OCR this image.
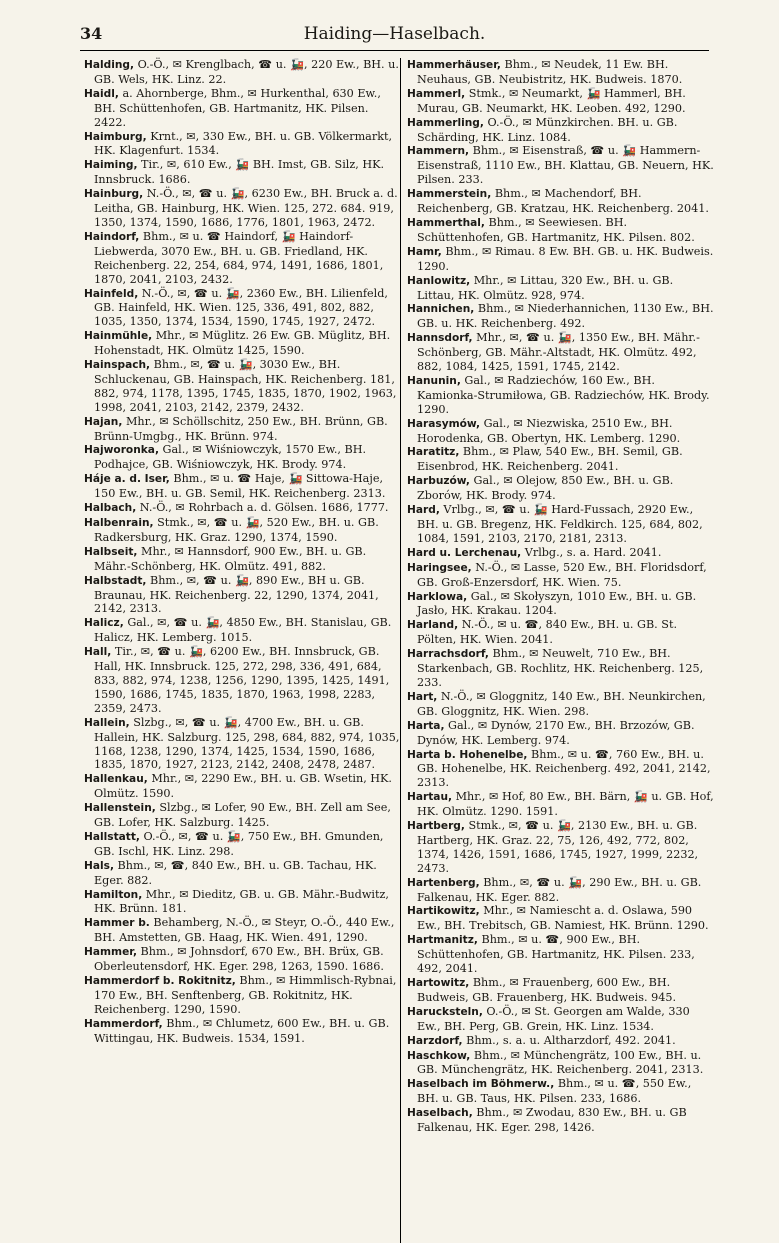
34	Haiding—Haselbach.

Halding, O.-Ö., ✉ Krenglbach, ☎ u. 🚂, 220 Ew., BH. u. GB. Wels, HK. Linz. 22.

Haidl, a. Ahornberge, Bhm., ✉ Hurkenthal, 630 Ew., BH. Schüttenhofen, GB. Hartmanitz, HK. Pilsen. 2422.

Haimburg, Krnt., ✉, 330 Ew., BH. u. GB. Völkermarkt, HK. Klagenfurt. 1534.

Haiming, Tir., ✉, 610 Ew., 🚂 BH. Imst, GB. Silz, HK. Innsbruck. 1686.

Hainburg, N.-Ö., ✉, ☎ u. 🚂, 6230 Ew., BH. Bruck a. d. Leitha, GB. Hainburg, HK. Wien. 125, 272. 684. 919, 1350, 1374, 1590, 1686, 1776, 1801, 1963, 2472.

Haindorf, Bhm., ✉ u. ☎ Haindorf, 🚂 Haindorf-Liebwerda, 3070 Ew., BH. u. GB. Friedland, HK. Reichenberg. 22, 254, 684, 974, 1491, 1686, 1801, 1870, 2041, 2103, 2432.

Hainfeld, N.-Ö., ✉, ☎ u. 🚂, 2360 Ew., BH. Lilienfeld, GB. Hainfeld, HK. Wien. 125, 336, 491, 802, 882, 1035, 1350, 1374, 1534, 1590, 1745, 1927, 2472.

Hainmühle, Mhr., ✉ Müglitz. 26 Ew. GB. Müglitz, BH. Hohenstadt, HK. Olmütz 1425, 1590.

Hainspach, Bhm., ✉, ☎ u. 🚂, 3030 Ew., BH. Schluckenau, GB. Hainspach, HK. Reichenberg. 181, 882, 974, 1178, 1395, 1745, 1835, 1870, 1902, 1963, 1998, 2041, 2103, 2142, 2379, 2432.

Hajan, Mhr., ✉ Schöllschitz, 250 Ew., BH. Brünn, GB. Brünn-Umgbg., HK. Brünn. 974.

Hajworonka, Gal., ✉ Wiśniowczyk, 1570 Ew., BH. Podhajce, GB. Wiśniowczyk, HK. Brody. 974.

Háje a. d. Iser, Bhm., ✉ u. ☎ Haje, 🚂 Sittowa-Haje, 150 Ew., BH. u. GB. Semil, HK. Reichenberg. 2313.

Halbach, N.-Ö., ✉ Rohrbach a. d. Gölsen. 1686, 1777.

Halbenrain, Stmk., ✉, ☎ u. 🚂, 520 Ew., BH. u. GB. Radkersburg, HK. Graz. 1290, 1374, 1590.

Halbseit, Mhr., ✉ Hannsdorf, 900 Ew., BH. u. GB. Mähr.-Schönberg, HK. Olmütz. 491, 882.

Halbstadt, Bhm., ✉, ☎ u. 🚂, 890 Ew., BH u. GB. Braunau, HK. Reichenberg. 22, 1290, 1374, 2041, 2142, 2313.

Halicz, Gal., ✉, ☎ u. 🚂, 4850 Ew., BH. Stanislau, GB. Halicz, HK. Lemberg. 1015.

Hall, Tir., ✉, ☎ u. 🚂, 6200 Ew., BH. Innsbruck, GB. Hall, HK. Innsbruck. 125, 272, 298, 336, 491, 684, 833, 882, 974, 1238, 1256, 1290, 1395, 1425, 1491, 1590, 1686, 1745, 1835, 1870, 1963, 1998, 2283, 2359, 2473.

Hallein, Slzbg., ✉, ☎ u. 🚂, 4700 Ew., BH. u. GB. Hallein, HK. Salzburg. 125, 298, 684, 882, 974, 1035, 1168, 1238, 1290, 1374, 1425, 1534, 1590, 1686, 1835, 1870, 1927, 2123, 2142, 2408, 2478, 2487.

Hallenkau, Mhr., ✉, 2290 Ew., BH. u. GB. Wsetin, HK. Olmütz. 1590.

Hallenstein, Slzbg., ✉ Lofer, 90 Ew., BH. Zell am See, GB. Lofer, HK. Salzburg. 1425.

Hallstatt, O.-Ö., ✉, ☎ u. 🚂, 750 Ew., BH. Gmunden, GB. Ischl, HK. Linz. 298.

Hals, Bhm., ✉, ☎, 840 Ew., BH. u. GB. Tachau, HK. Eger. 882.

Hamilton, Mhr., ✉ Dieditz, GB. u. GB. Mähr.-Budwitz, HK. Brünn. 181.

Hammer b. Behamberg, N.-Ö., ✉ Steyr, O.-Ö., 440 Ew., BH. Amstetten, GB. Haag, HK. Wien. 491, 1290.

Hammer, Bhm., ✉ Johnsdorf, 670 Ew., BH. Brüx, GB. Oberleutensdorf, HK. Eger. 298, 1263, 1590. 1686.

Hammerdorf b. Rokitnitz, Bhm., ✉ Himmlisch-Rybnai, 170 Ew., BH. Senftenberg, GB. Rokitnitz, HK. Reichenberg. 1290, 1590.

Hammerdorf, Bhm., ✉ Chlumetz, 600 Ew., BH. u. GB. Wittingau, HK. Budweis. 1534, 1591.

Hammerhäuser, Bhm., ✉ Neudek, 11 Ew. BH. Neuhaus, GB. Neubistritz, HK. Budweis. 1870.

Hammerl, Stmk., ✉ Neumarkt, 🚂 Hammerl, BH. Murau, GB. Neumarkt, HK. Leoben. 492, 1290.

Hammerling, O.-Ö., ✉ Münzkirchen. BH. u. GB. Schärding, HK. Linz. 1084.

Hammern, Bhm., ✉ Eisenstraß, ☎ u. 🚂 Hammern-Eisenstraß, 1110 Ew., BH. Klattau, GB. Neuern, HK. Pilsen. 233.

Hammerstein, Bhm., ✉ Machendorf, BH. Reichenberg, GB. Kratzau, HK. Reichenberg. 2041.

Hammerthal, Bhm., ✉ Seewiesen. BH. Schüttenhofen, GB. Hartmanitz, HK. Pilsen. 802.

Hamr, Bhm., ✉ Rimau. 8 Ew. BH. GB. u. HK. Budweis. 1290.

Hanlowitz, Mhr., ✉ Littau, 320 Ew., BH. u. GB. Littau, HK. Olmütz. 928, 974.

Hannichen, Bhm., ✉ Niederhannichen, 1130 Ew., BH. GB. u. HK. Reichenberg. 492.

Hannsdorf, Mhr., ✉, ☎ u. 🚂, 1350 Ew., BH. Mähr.-Schönberg, GB. Mähr.-Altstadt, HK. Olmütz. 492, 882, 1084, 1425, 1591, 1745, 2142.

Hanunin, Gal., ✉ Radziechów, 160 Ew., BH. Kamionka-Strumiłowa, GB. Radziechów, HK. Brody. 1290.

Harasymów, Gal., ✉ Niezwiska, 2510 Ew., BH. Horodenka, GB. Obertyn, HK. Lemberg. 1290.

Haratitz, Bhm., ✉ Plaw, 540 Ew., BH. Semil, GB. Eisenbrod, HK. Reichenberg. 2041.

Harbuzów, Gal., ✉ Olejow, 850 Ew., BH. u. GB. Zborów, HK. Brody. 974.

Hard, Vrlbg., ✉, ☎ u. 🚂 Hard-Fussach, 2920 Ew., BH. u. GB. Bregenz, HK. Feldkirch. 125, 684, 802, 1084, 1591, 2103, 2170, 2181, 2313.

Hard u. Lerchenau, Vrlbg., s. a. Hard. 2041.

Haringsee, N.-Ö., ✉ Lasse, 520 Ew., BH. Floridsdorf, GB. Groß-Enzersdorf, HK. Wien. 75.

Harklowa, Gal., ✉ Skołyszyn, 1010 Ew., BH. u. GB. Jasło, HK. Krakau. 1204.

Harland, N.-Ö., ✉ u. ☎, 840 Ew., BH. u. GB. St. Pölten, HK. Wien. 2041.

Harrachsdorf, Bhm., ✉ Neuwelt, 710 Ew., BH. Starkenbach, GB. Rochlitz, HK. Reichenberg. 125, 233.

Hart, N.-Ö., ✉ Gloggnitz, 140 Ew., BH. Neunkirchen, GB. Gloggnitz, HK. Wien. 298.

Harta, Gal., ✉ Dynów, 2170 Ew., BH. Brzozów, GB. Dynów, HK. Lemberg. 974.

Harta b. Hohenelbe, Bhm., ✉ u. ☎, 760 Ew., BH. u. GB. Hohenelbe, HK. Reichenberg. 492, 2041, 2142, 2313.

Hartau, Mhr., ✉ Hof, 80 Ew., BH. Bärn, 🚂 u. GB. Hof, HK. Olmütz. 1290. 1591.

Hartberg, Stmk., ✉, ☎ u. 🚂, 2130 Ew., BH. u. GB. Hartberg, HK. Graz. 22, 75, 126, 492, 772, 802, 1374, 1426, 1591, 1686, 1745, 1927, 1999, 2232, 2473.

Hartenberg, Bhm., ✉, ☎ u. 🚂, 290 Ew., BH. u. GB. Falkenau, HK. Eger. 882.

Hartikowitz, Mhr., ✉ Namiescht a. d. Oslawa, 590 Ew., BH. Trebitsch, GB. Namiest, HK. Brünn. 1290.

Hartmanitz, Bhm., ✉ u. ☎, 900 Ew., BH. Schüttenhofen, GB. Hartmanitz, HK. Pilsen. 233, 492, 2041.

Hartowitz, Bhm., ✉ Frauenberg, 600 Ew., BH. Budweis, GB. Frauenberg, HK. Budweis. 945.

Harucksteln, O.-Ö., ✉ St. Georgen am Walde, 330 Ew., BH. Perg, GB. Grein, HK. Linz. 1534.

Harzdorf, Bhm., s. a. u. Altharzdorf, 492. 2041.

Haschkow, Bhm., ✉ Münchengrätz, 100 Ew., BH. u. GB. Münchengrätz, HK. Reichenberg. 2041, 2313.

Haselbach im Böhmerw., Bhm., ✉ u. ☎, 550 Ew., BH. u. GB. Taus, HK. Pilsen. 233, 1686.

Haselbach, Bhm., ✉ Zwodau, 830 Ew., BH. u. GB Falkenau, HK. Eger. 298, 1426.
